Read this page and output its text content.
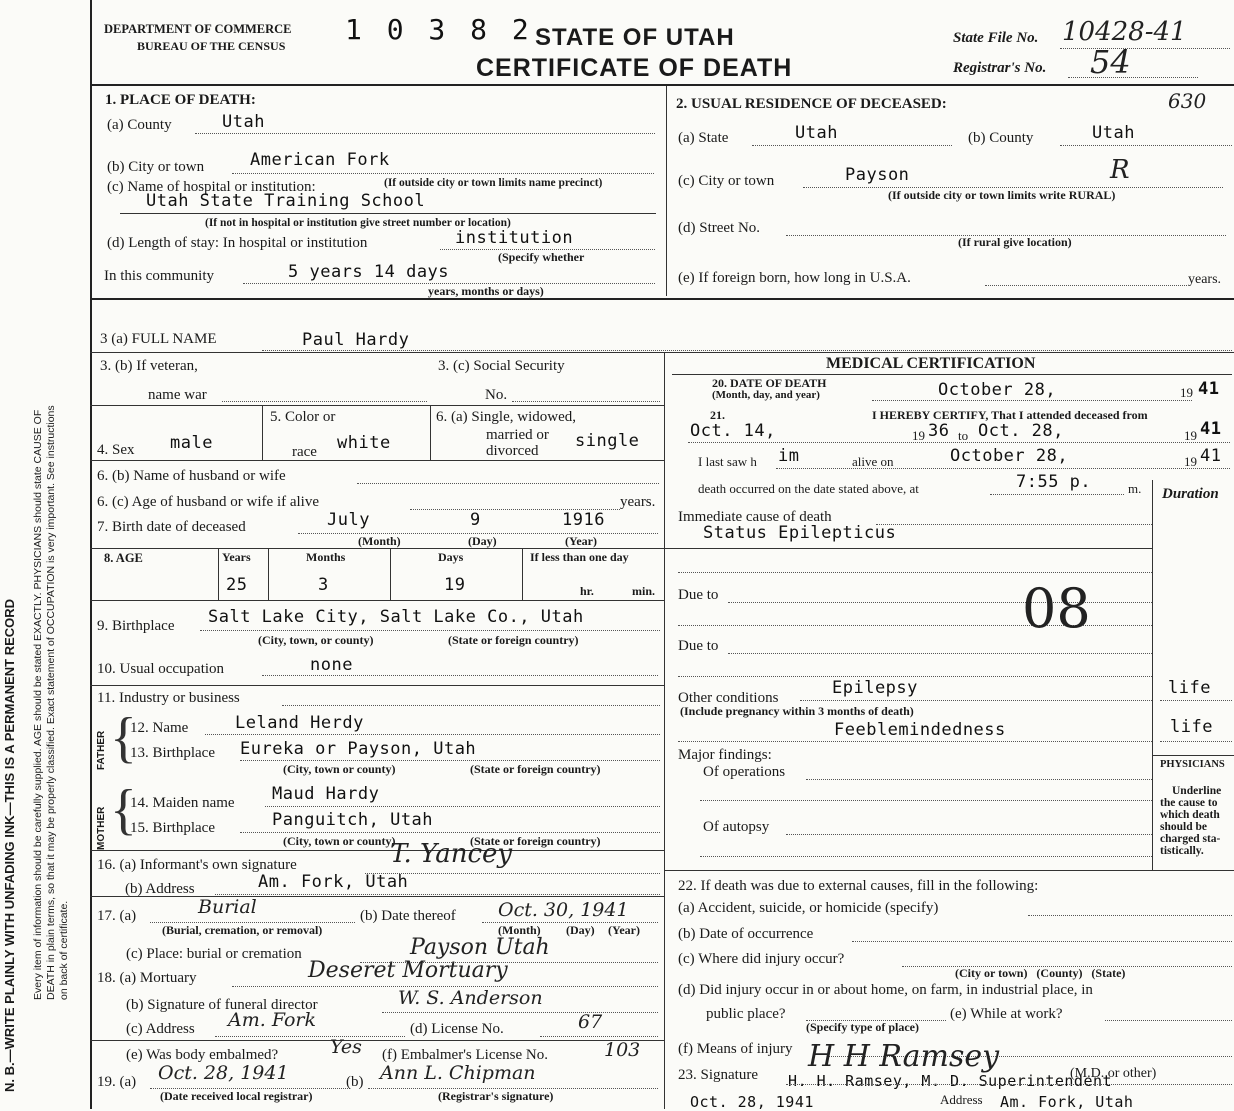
N. B.—WRITE PLAINLY WITH UNFADING INK—THIS IS A PERMANENT RECORD Every item of information should be carefully supplied. AGE should be stated EXACTLY. PHYSICIANS should state CAUSE OF DEATH in plain terms, so that it may be properly classified. Exact statement of OCCUPATION is very important. See instructions on back of certificate.
DEPARTMENT OF COMMERCE
BUREAU OF THE CENSUS 1 0 3 8 2 STATE OF UTAH
CERTIFICATE OF DEATH
State File No. 10428-41
Registrar's No. 54
1. PLACE OF DEATH:
(a) County	Utah
(b) City or town	American Fork
(c) Name of hospital or institution:	(If outside city or town limits name precinct)
Utah State Training School
(If not in hospital or institution give street number or location)
(d) Length of stay: In hospital or institution	institution
(Specify whether
In this community	5 years 14 days
years, months or days)
2. USUAL RESIDENCE OF DECEASED:	630
(a) State	Utah	(b) County	Utah
(c) City or town	Payson	R
(If outside city or town limits write RURAL)
(d) Street No.
(If rural give location)
(e) If foreign born, how long in U.S.A.	years.
3 (a) FULL NAME	Paul Hardy
3. (b) If veteran,
name war
3. (c) Social Security
No.
4. Sex male
5. Color or
race white
6. (a) Single, widowed,
married or
divorced single
6. (b) Name of husband or wife
6. (c) Age of husband or wife if alive	years.
7. Birth date of deceased	July	9	1916
(Month)	(Day)	(Year)
8. AGE	Years	Months	Days	If less than one day
25	3	19	hr.	min.
9. Birthplace Salt Lake City, Salt Lake Co., Utah
(City, town, or county)	(State or foreign country)
10. Usual occupation	none
11. Industry or business
FATHER
MOTHER
{
{
12. Name	Leland Herdy
13. Birthplace Eureka or Payson, Utah
(City, town or county)	(State or foreign country)
14. Maiden name Maud Hardy
15. Birthplace	Panguitch, Utah
(City, town or county)	(State or foreign country)
16. (a) Informant's own signature	T. Yancey
(b) Address	Am. Fork, Utah
17. (a)	Burial
(Burial, cremation, or removal)
(b) Date thereof Oct. 30, 1941
(Month) (Day) (Year)
(c) Place: burial or cremation	Payson Utah
18. (a) Mortuary	Deseret Mortuary
(b) Signature of funeral director	W. S. Anderson
(c) Address Am. Fork	(d) License No.	67
(e) Was body embalmed?	Yes (f) Embalmer's License No.	103
19. (a) Oct. 28, 1941
(Date received local registrar)
(b) Ann L. Chipman
(Registrar's signature)
MEDICAL CERTIFICATION
20. DATE OF DEATH
(Month, day, and year)	October 28,	19 41
21.	I HEREBY CERTIFY, That I attended deceased from
Oct. 14,	19 36 to Oct. 28,	19 41
I last saw h im	alive on	October 28,	19 41
death occurred on the date stated above, at	7:55 p.	m. Duration
Immediate cause of death
Status Epilepticus
Due to
Due to
08
Other conditions	Epilepsy
(Include pregnancy within 3 months of death)
Feeblemindedness
life
life
Major findings:
Of operations
Of autopsy
PHYSICIANS
Underline
the cause to
which death
should be
charged sta-
tistically.
22. If death was due to external causes, fill in the following:
(a) Accident, suicide, or homicide (specify)
(b) Date of occurrence
(c) Where did injury occur?
(City or town)   (County)   (State)
(d) Did injury occur in or about home, on farm, in industrial place, in
public place?
(Specify type of place)
(e) While at work?
(f) Means of injury
23. Signature
H H Ramsey
H. H. Ramsey, M. D. Superintendent
(M.D. or other)
Oct. 28, 1941	Address Am. Fork, Utah
